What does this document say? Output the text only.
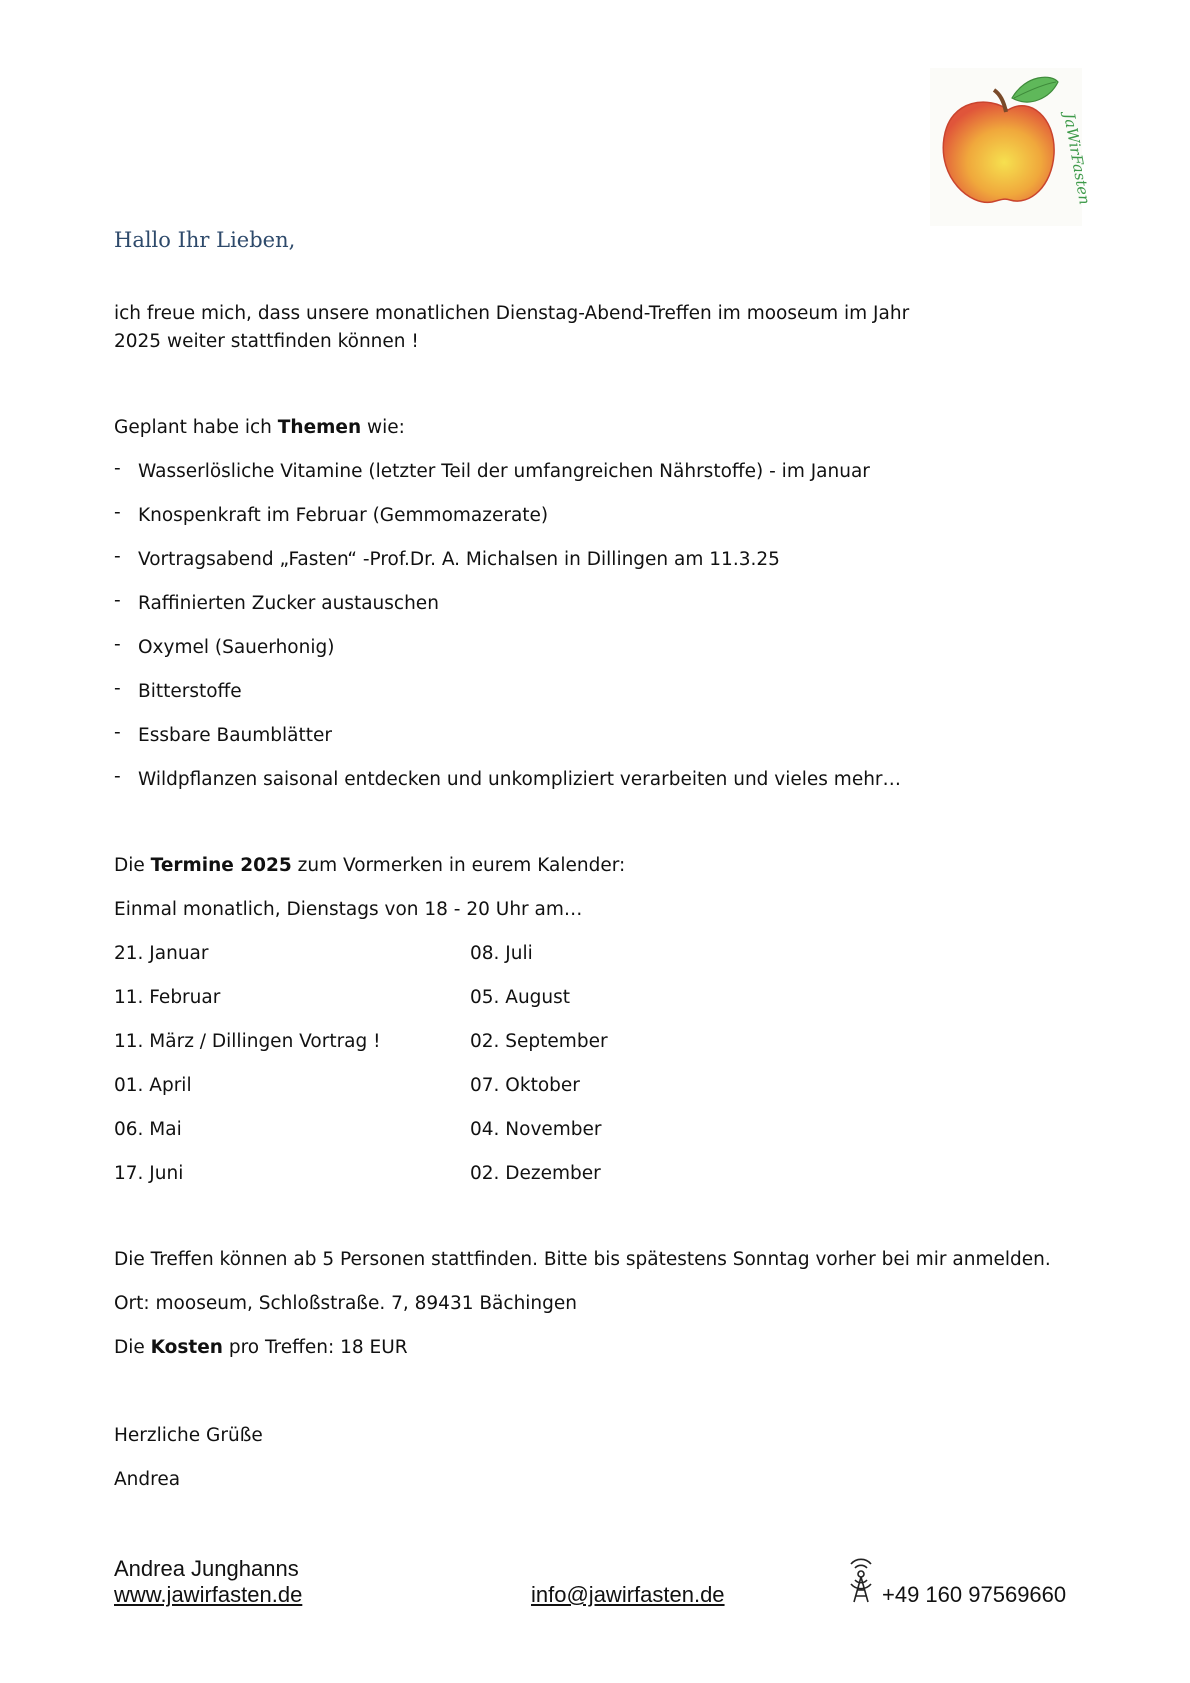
JaWirFasten
Hallo Ihr Lieben,
ich freue mich, dass unsere monatlichen Dienstag-Abend-Treffen im mooseum im Jahr 2025 weiter stattfinden können !
Geplant habe ich Themen wie:
- Wasserlösliche Vitamine (letzter Teil der umfangreichen Nährstoffe) - im Januar
- Knospenkraft im Februar (Gemmomazerate)
- Vortragsabend „Fasten“ -Prof.Dr. A. Michalsen in Dillingen am 11.3.25
- Raffinierten Zucker austauschen
- Oxymel (Sauerhonig)
- Bitterstoffe
- Essbare Baumblätter
- Wildpflanzen saisonal entdecken und unkompliziert verarbeiten und vieles mehr…
Die Termine 2025 zum Vormerken in eurem Kalender:
Einmal monatlich, Dienstags von 18 - 20 Uhr am…
21. Januar	08. Juli
11. Februar	05. August
11. März / Dillingen Vortrag !	02. September
01. April	07. Oktober
06. Mai	04. November
17. Juni	02. Dezember
Die Treffen können ab 5 Personen stattfinden. Bitte bis spätestens Sonntag vorher bei mir anmelden.
Ort: mooseum, Schloßstraße. 7, 89431 Bächingen
Die Kosten pro Treffen: 18 EUR
Herzliche Grüße
Andrea
Andrea Junghanns
www.jawirfasten.de	info@jawirfasten.de	+49 160 97569660
